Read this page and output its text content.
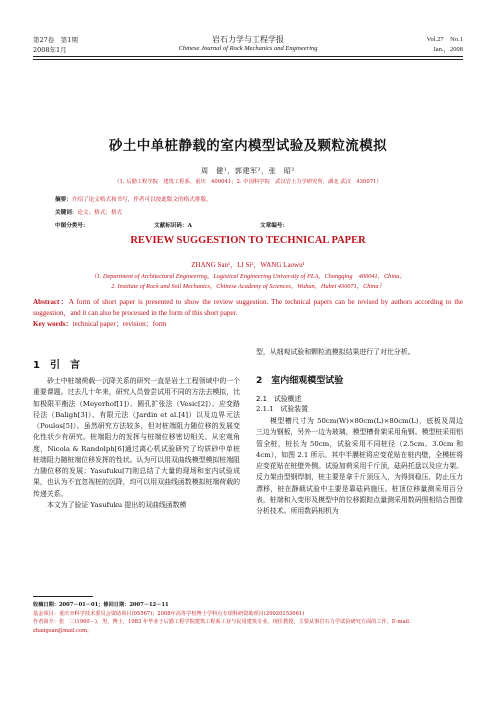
第27卷　第1期
2008年1月
岩石力学与工程学报
Chinese Journal of Rock Mechanics and Engineering
Vol.27　No.1
Jan.，2008
砂土中单桩静载的室内模型试验及颗粒流模拟
周　健¹，郭建军²，张　昭²
（1. 后勤工程学院　建筑工程系，重庆　400041；2. 中国科学院　武汉岩土力学研究所，湖北 武汉　430071）
摘要：介绍了论文格式和书写，作者可以按此版文的格式排版。
关键词：论文；格式；格式
中图分类号：	文献标识码：A	文章编号：
REVIEW SUGGESTION TO TECHNICAL PAPER
ZHANG San¹，LI Si²，WANG Laowu¹
（1. Department of Architectural Engineering，Logistical Engineering University of PLA，Chongqing　400041，China；
2. Institute of Rock and Soil Mechanics，Chinese Academy of Sciences，Wuhan，Hubei 430071，China）
Abstract：A form of short paper is presented to show the review suggestion. The technical papers can be revised by authors according to the suggestion，and it can also be processed in the form of this short paper.
Key words：technical paper；revision；form
1 引　言

砂土中桩端荷载一沉降关系的研究一直是岩土工程领域中的一个重要课题。过去几十年来，研究人员曾尝试用不同的方法去模拟，比如极限平衡法（Meyerhof[1]）、圆孔扩张法（Vesic[2]）、应变路径法（Baligh[3]）、有限元法（Jardin et al.[4]）以及边界元法（Poulos[5]）。虽然研究方法较多，但对桩端阻力随位移的发展变化性状少有研究。桩端阻力的发挥与桩端位移密切相关。从宏观角度，Nicola & Randolph[6]通过离心机试验研究了均质砂中单桩桩端阻力随桩端位移发挥的性状。认为可以用双曲线模型模拟桩端阻力随位移的发展；Yasufuku[7]则总结了大量的现场和室内试验成果，也认为不宜忽视桩的沉降，均可以用双曲线函数模拟桩端荷载的传递关系。

本文为了验证 Yasufuku 提出的双曲线函数模

型，从细观试验和颗粒流模拟结果进行了对比分析。
2 室内细观模型试验
2.1　试验概述
2.1.1　试验装置
模型槽尺寸为 50cm(W)×80cm(L)×80cm(L)，底板及周边三边为钢板，另外一边为玻璃，模型槽骨架采用角钢。模型桩采用铝管全桩，桩长为 50cm，试验采用不同桩径（2.5cm、3.0cm 和 4cm），如图 2.1 所示。其中半膜桩将应变花贴在桩内壁，全模桩将应变花贴在桩壁外侧。试验加荷采用千斤顶，砝码托盘以及应力架。反力架由型钢焊制，桩主要是拿千斤顶压入，为得到稳压，防止压力漂移，桩在静载试验中主要是靠砝码施压。桩顶位移量测采用百分表，桩端和入变形及模型中的位移跟踪点量测采用数码照相结合图像分析技术。所用数码相机为
收稿日期：2007－01－01；修回日期：2007－12－11
基金项目：重庆市科学技术委员会资助项目(05567)；2008年高等学校博士学科点专项科研资助项目(20020153061)
作者简介：张　三(1960－)，男，博士，1983 年毕业于后勤工程学院建筑工程系工业与民用建筑专业，现任教授，主要从事岩石力学试验研究方面的工作。E-mail：zhangsan@mail.com。
